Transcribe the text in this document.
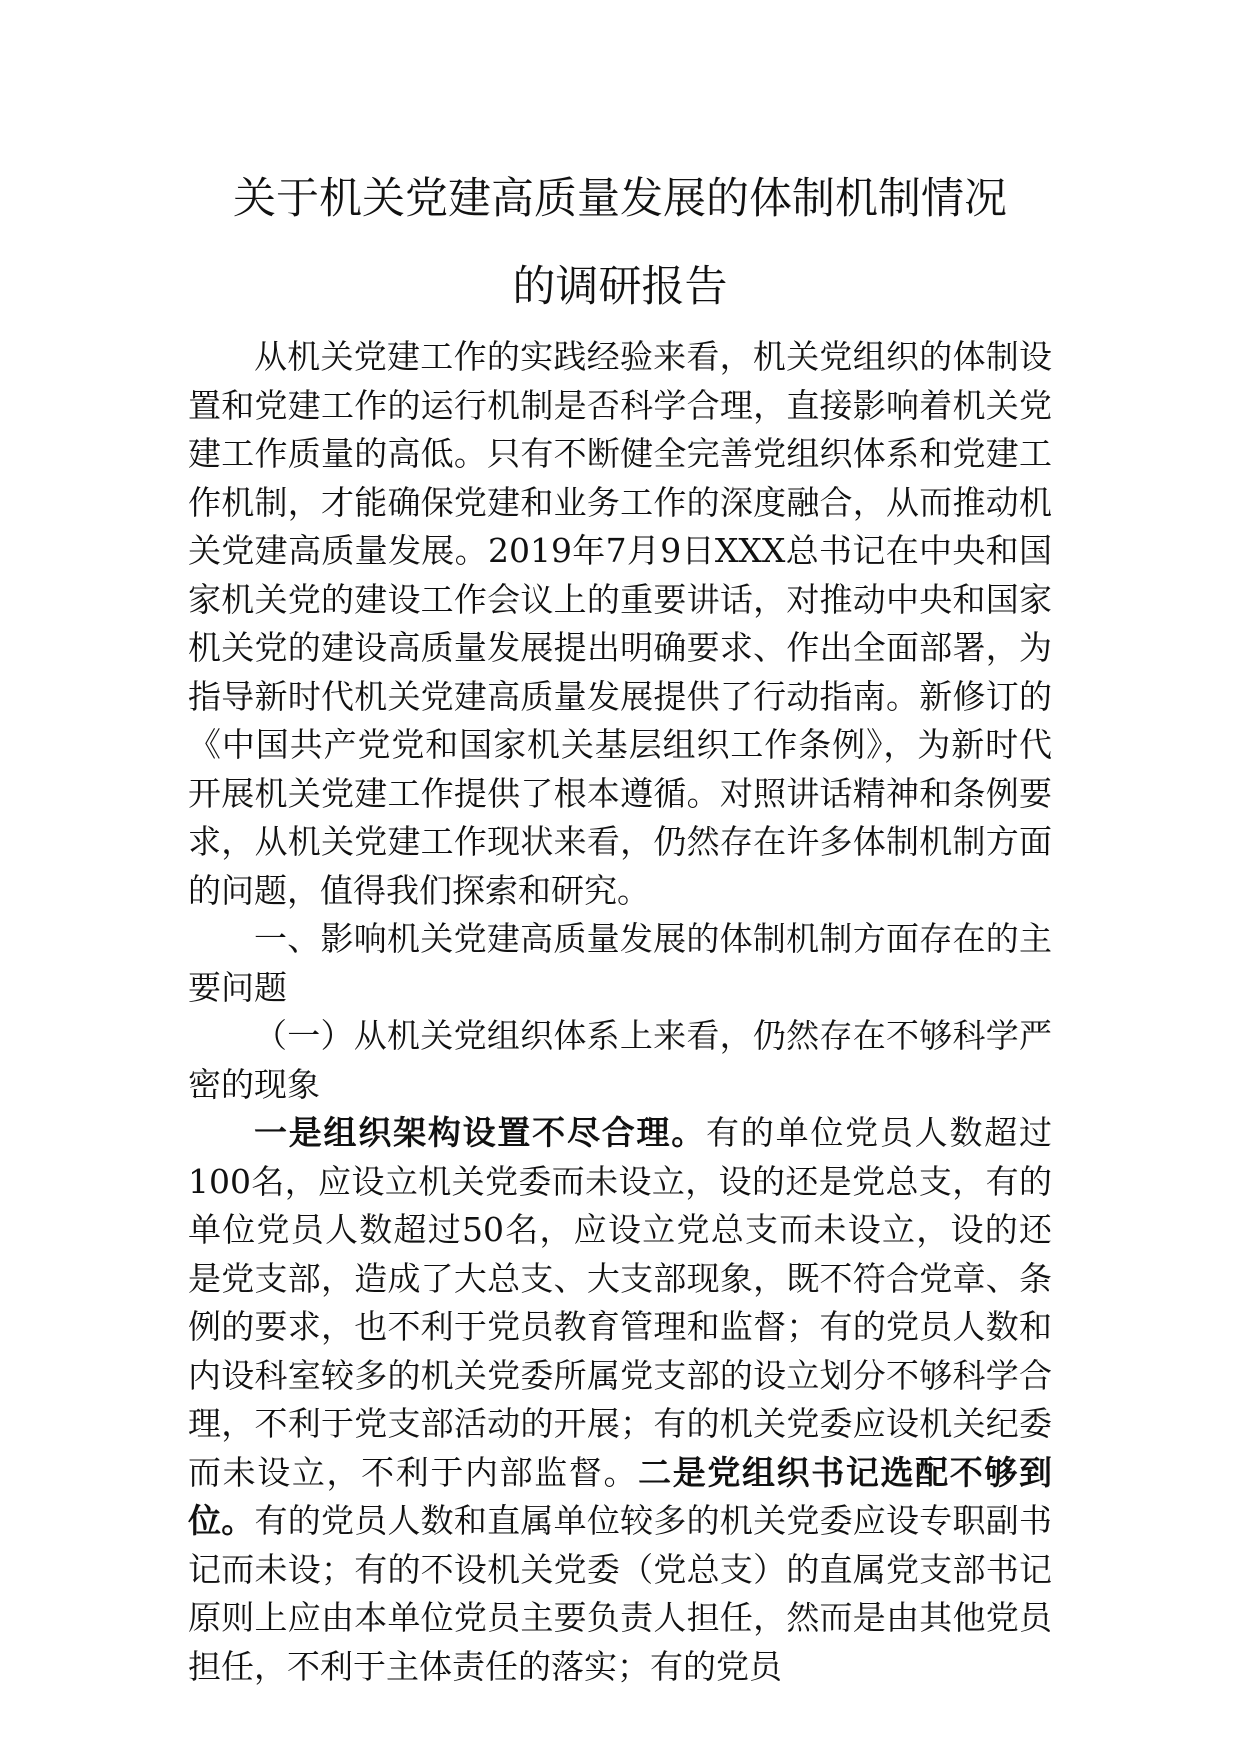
关于机关党建高质量发展的体制机制情况
的调研报告

从机关党建工作的实践经验来看，机关党组织的体制设置和党建工作的运行机制是否科学合理，直接影响着机关党建工作质量的高低。只有不断健全完善党组织体系和党建工作机制，才能确保党建和业务工作的深度融合，从而推动机关党建高质量发展。2019年7月9日XXX总书记在中央和国家机关党的建设工作会议上的重要讲话，对推动中央和国家机关党的建设高质量发展提出明确要求、作出全面部署，为指导新时代机关党建高质量发展提供了行动指南。新修订的《中国共产党党和国家机关基层组织工作条例》，为新时代开展机关党建工作提供了根本遵循。对照讲话精神和条例要求，从机关党建工作现状来看，仍然存在许多体制机制方面的问题，值得我们探索和研究。

一、影响机关党建高质量发展的体制机制方面存在的主要问题

（一）从机关党组织体系上来看，仍然存在不够科学严密的现象

一是组织架构设置不尽合理。有的单位党员人数超过100名，应设立机关党委而未设立，设的还是党总支，有的单位党员人数超过50名，应设立党总支而未设立，设的还是党支部，造成了大总支、大支部现象，既不符合党章、条例的要求，也不利于党员教育管理和监督；有的党员人数和内设科室较多的机关党委所属党支部的设立划分不够科学合理，不利于党支部活动的开展；有的机关党委应设机关纪委而未设立，不利于内部监督。二是党组织书记选配不够到位。有的党员人数和直属单位较多的机关党委应设专职副书记而未设；有的不设机关党委（党总支）的直属党支部书记原则上应由本单位党员主要负责人担任，然而是由其他党员担任，不利于主体责任的落实；有的党员
